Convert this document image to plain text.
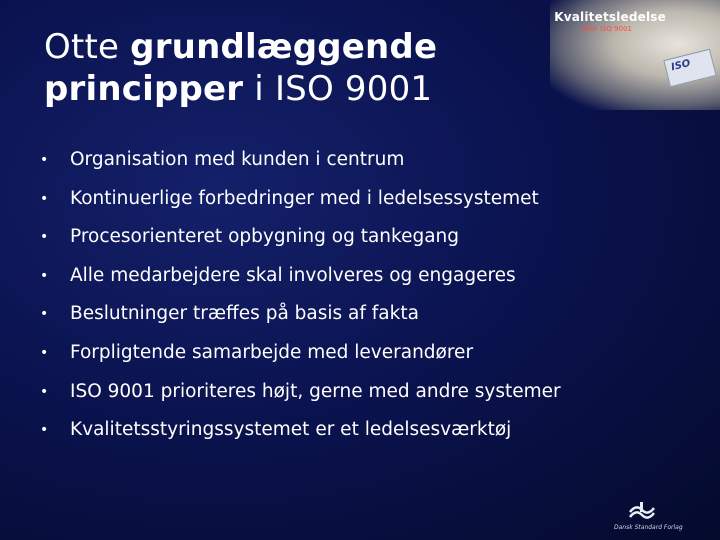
Kvalitetsledelse
efter ISO 9001
ISO
Otte grundlæggende principper i ISO 9001
•	Organisation med kunden i centrum
•	Kontinuerlige forbedringer med i ledelsessystemet
•	Procesorienteret opbygning og tankegang
•	Alle medarbejdere skal involveres og engageres
•	Beslutninger træffes på basis af fakta
•	Forpligtende samarbejde med leverandører
•	ISO 9001 prioriteres højt, gerne med andre systemer
•	Kvalitetsstyringssystemet er et ledelsesværktøj
Dansk Standard Forlag
